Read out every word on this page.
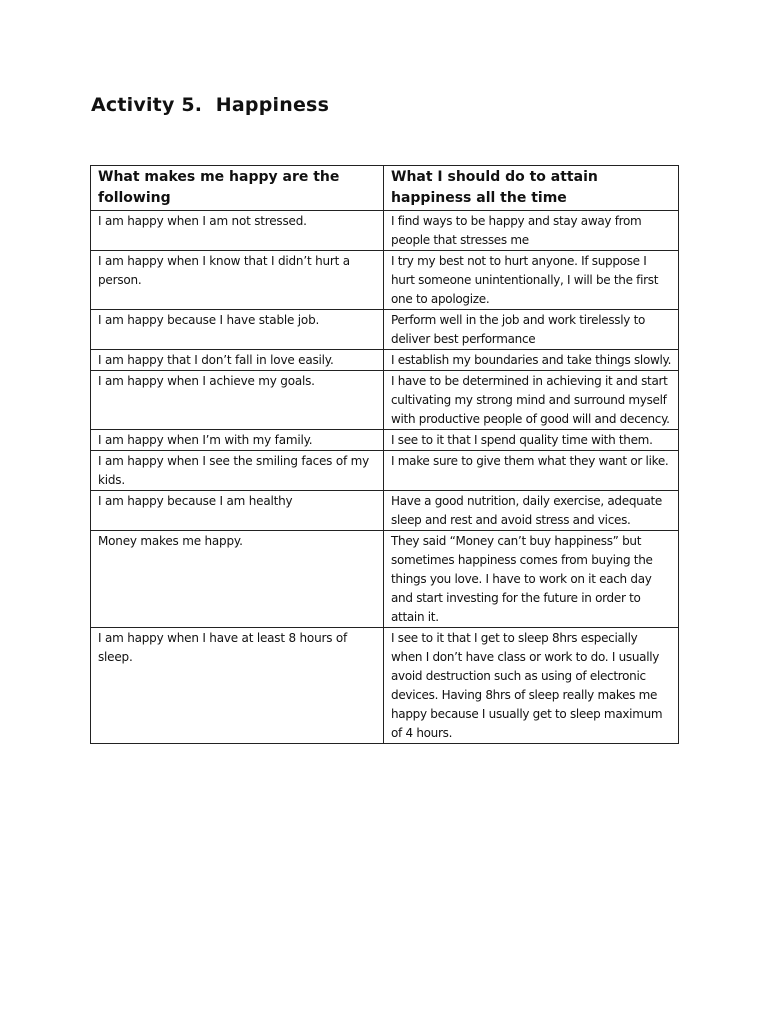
Activity 5.  Happiness
What makes me happy are the following	What I should do to attain happiness all the time
I am happy when I am not stressed.	I find ways to be happy and stay away from people that stresses me
I am happy when I know that I didn’t hurt a person.	I try my best not to hurt anyone. If suppose I hurt someone unintentionally, I will be the first one to apologize.
I am happy because I have stable job.	Perform well in the job and work tirelessly to deliver best performance
I am happy that I don’t fall in love easily.	I establish my boundaries and take things slowly.
I am happy when I achieve my goals.	I have to be determined in achieving it and start cultivating my strong mind and surround myself with productive people of good will and decency.
I am happy when I’m with my family.	I see to it that I spend quality time with them.
I am happy when I see the smiling faces of my kids.	I make sure to give them what they want or like.
I am happy because I am healthy	Have a good nutrition, daily exercise, adequate sleep and rest and avoid stress and vices.
Money makes me happy.	They said “Money can’t buy happiness” but sometimes happiness comes from buying the things you love. I have to work on it each day and start investing for the future in order to attain it.
I am happy when I have at least 8 hours of sleep.	I see to it that I get to sleep 8hrs especially when I don’t have class or work to do. I usually avoid destruction such as using of electronic devices. Having 8hrs of sleep really makes me happy because I usually get to sleep maximum of 4 hours.
